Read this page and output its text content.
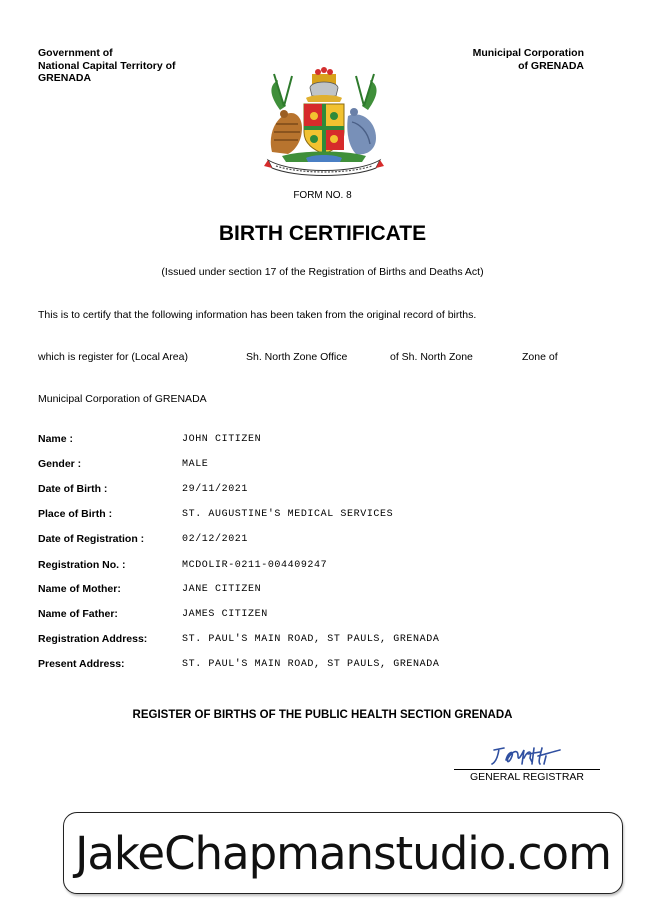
Government of
National Capital Territory of
GRENADA
Municipal Corporation
of GRENADA
FORM NO. 8
BIRTH CERTIFICATE
(Issued under section 17 of the Registration of Births and Deaths Act)
This is to certify that the following information has been taken from the original record of births.
which is register for (Local Area)	Sh. North Zone Office	of Sh. North Zone	Zone of
Municipal Corporation of GRENADA
Name :	JOHN CITIZEN
Gender :	MALE
Date of Birth :	29/11/2021
Place of Birth :	ST. AUGUSTINE'S MEDICAL SERVICES
Date of Registration :	02/12/2021
Registration No. :	MCDOLIR-0211-004409247
Name of Mother:	JANE CITIZEN
Name of Father:	JAMES CITIZEN
Registration Address:	ST. PAUL'S MAIN ROAD, ST PAULS, GRENADA
Present Address:	ST. PAUL'S MAIN ROAD, ST PAULS, GRENADA
REGISTER OF BIRTHS OF THE PUBLIC HEALTH SECTION GRENADA
GENERAL REGISTRAR
JakeChapmanstudio.com
